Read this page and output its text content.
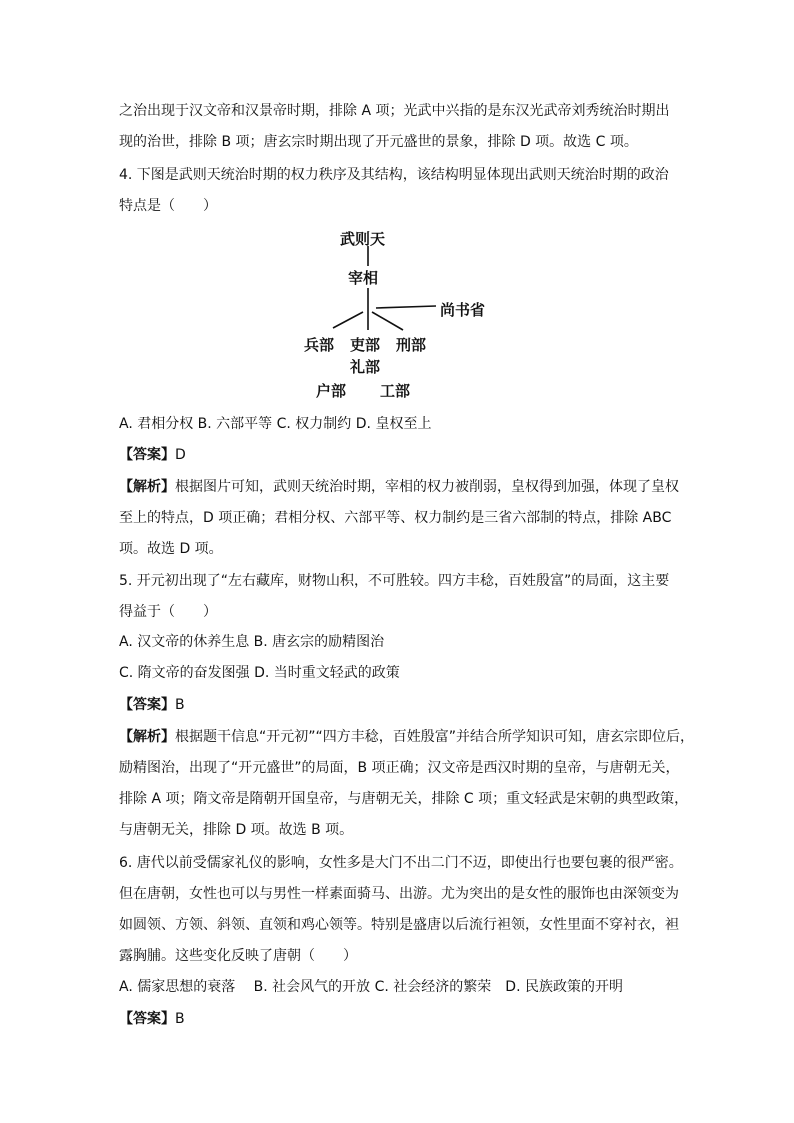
之治出现于汉文帝和汉景帝时期，排除 A 项；光武中兴指的是东汉光武帝刘秀统治时期出
现的治世，排除 B 项；唐玄宗时期出现了开元盛世的景象，排除 D 项。故选 C 项。
4. 下图是武则天统治时期的权力秩序及其结构，该结构明显体现出武则天统治时期的政治
特点是（　　）
武则天
宰相
尚书省
兵部 吏部 刑部
礼部
户部 工部
A. 君相分权 B. 六部平等 C. 权力制约 D. 皇权至上
【答案】D
【解析】根据图片可知，武则天统治时期，宰相的权力被削弱，皇权得到加强，体现了皇权
至上的特点，D 项正确；君相分权、六部平等、权力制约是三省六部制的特点，排除 ABC
项。故选 D 项。
5. 开元初出现了“左右藏库，财物山积，不可胜较。四方丰稔，百姓殷富”的局面，这主要
得益于（　　）
A. 汉文帝的休养生息 B. 唐玄宗的励精图治
C. 隋文帝的奋发图强 D. 当时重文轻武的政策
【答案】B
【解析】根据题干信息“开元初”“四方丰稔，百姓殷富”并结合所学知识可知，唐玄宗即位后，
励精图治，出现了“开元盛世”的局面，B 项正确；汉文帝是西汉时期的皇帝，与唐朝无关，
排除 A 项；隋文帝是隋朝开国皇帝，与唐朝无关，排除 C 项；重文轻武是宋朝的典型政策，
与唐朝无关，排除 D 项。故选 B 项。
6. 唐代以前受儒家礼仪的影响，女性多是大门不出二门不迈，即使出行也要包裹的很严密。
但在唐朝，女性也可以与男性一样素面骑马、出游。尤为突出的是女性的服饰也由深领变为
如圆领、方领、斜领、直领和鸡心领等。特别是盛唐以后流行袒领，女性里面不穿衬衣，袒
露胸脯。这些变化反映了唐朝（　　）
A. 儒家思想的衰落　 B. 社会风气的开放 C. 社会经济的繁荣　D. 民族政策的开明
【答案】B
